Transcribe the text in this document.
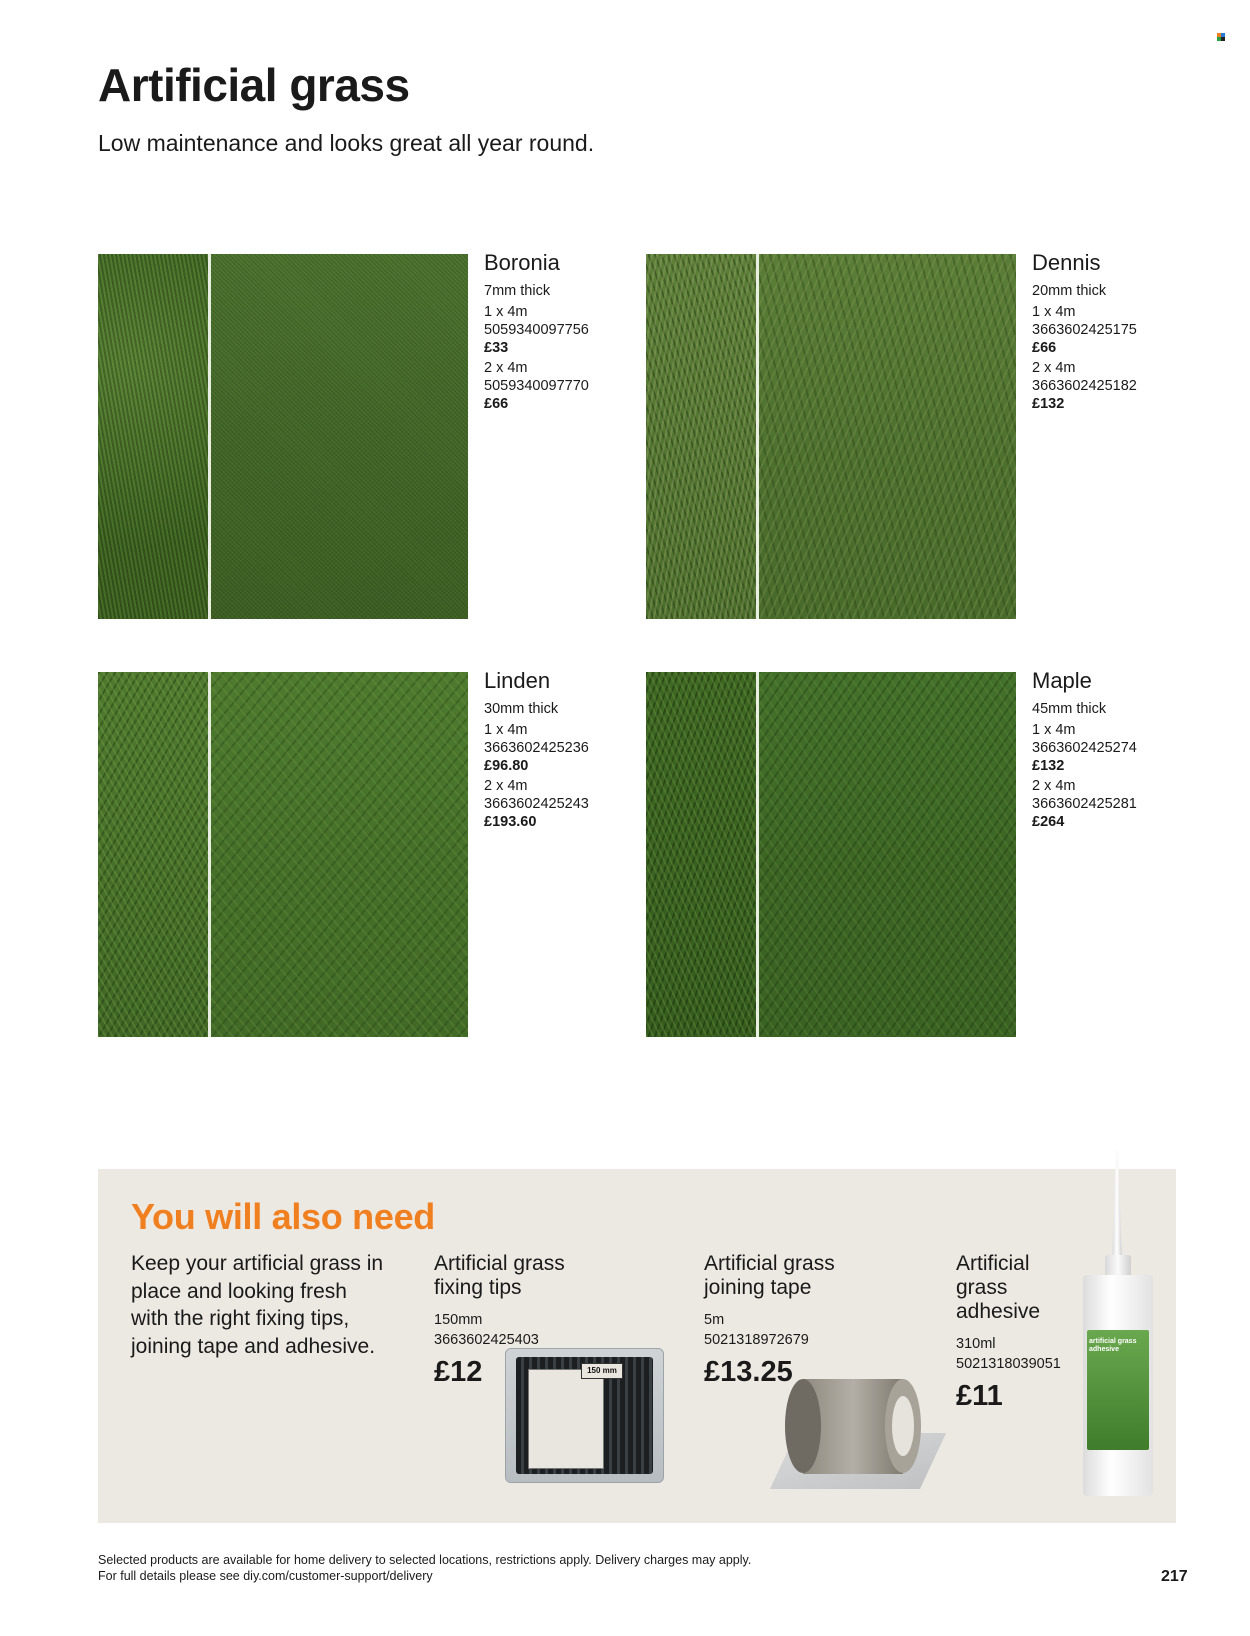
Artificial grass

Low maintenance and looks great all year round.

Boronia
7mm thick
1 x 4m
5059340097756
£33
2 x 4m
5059340097770
£66
Dennis
20mm thick
1 x 4m
3663602425175
£66
2 x 4m
3663602425182
£132
Linden
30mm thick
1 x 4m
3663602425236
£96.80
2 x 4m
3663602425243
£193.60
Maple
45mm thick
1 x 4m
3663602425274
£132
2 x 4m
3663602425281
£264
You will also need

Keep your artificial grass in place and looking fresh with the right fixing tips, joining tape and adhesive.

Artificial grass
fixing tips
150mm
3663602425403
£12
Artificial grass
joining tape
5m
5021318972679
£13.25
Artificial
grass
adhesive
310ml
5021318039051
£11
150 mm
artificial grass adhesive

Selected products are available for home delivery to selected locations, restrictions apply. Delivery charges may apply.
For full details please see diy.com/customer-support/delivery	217
